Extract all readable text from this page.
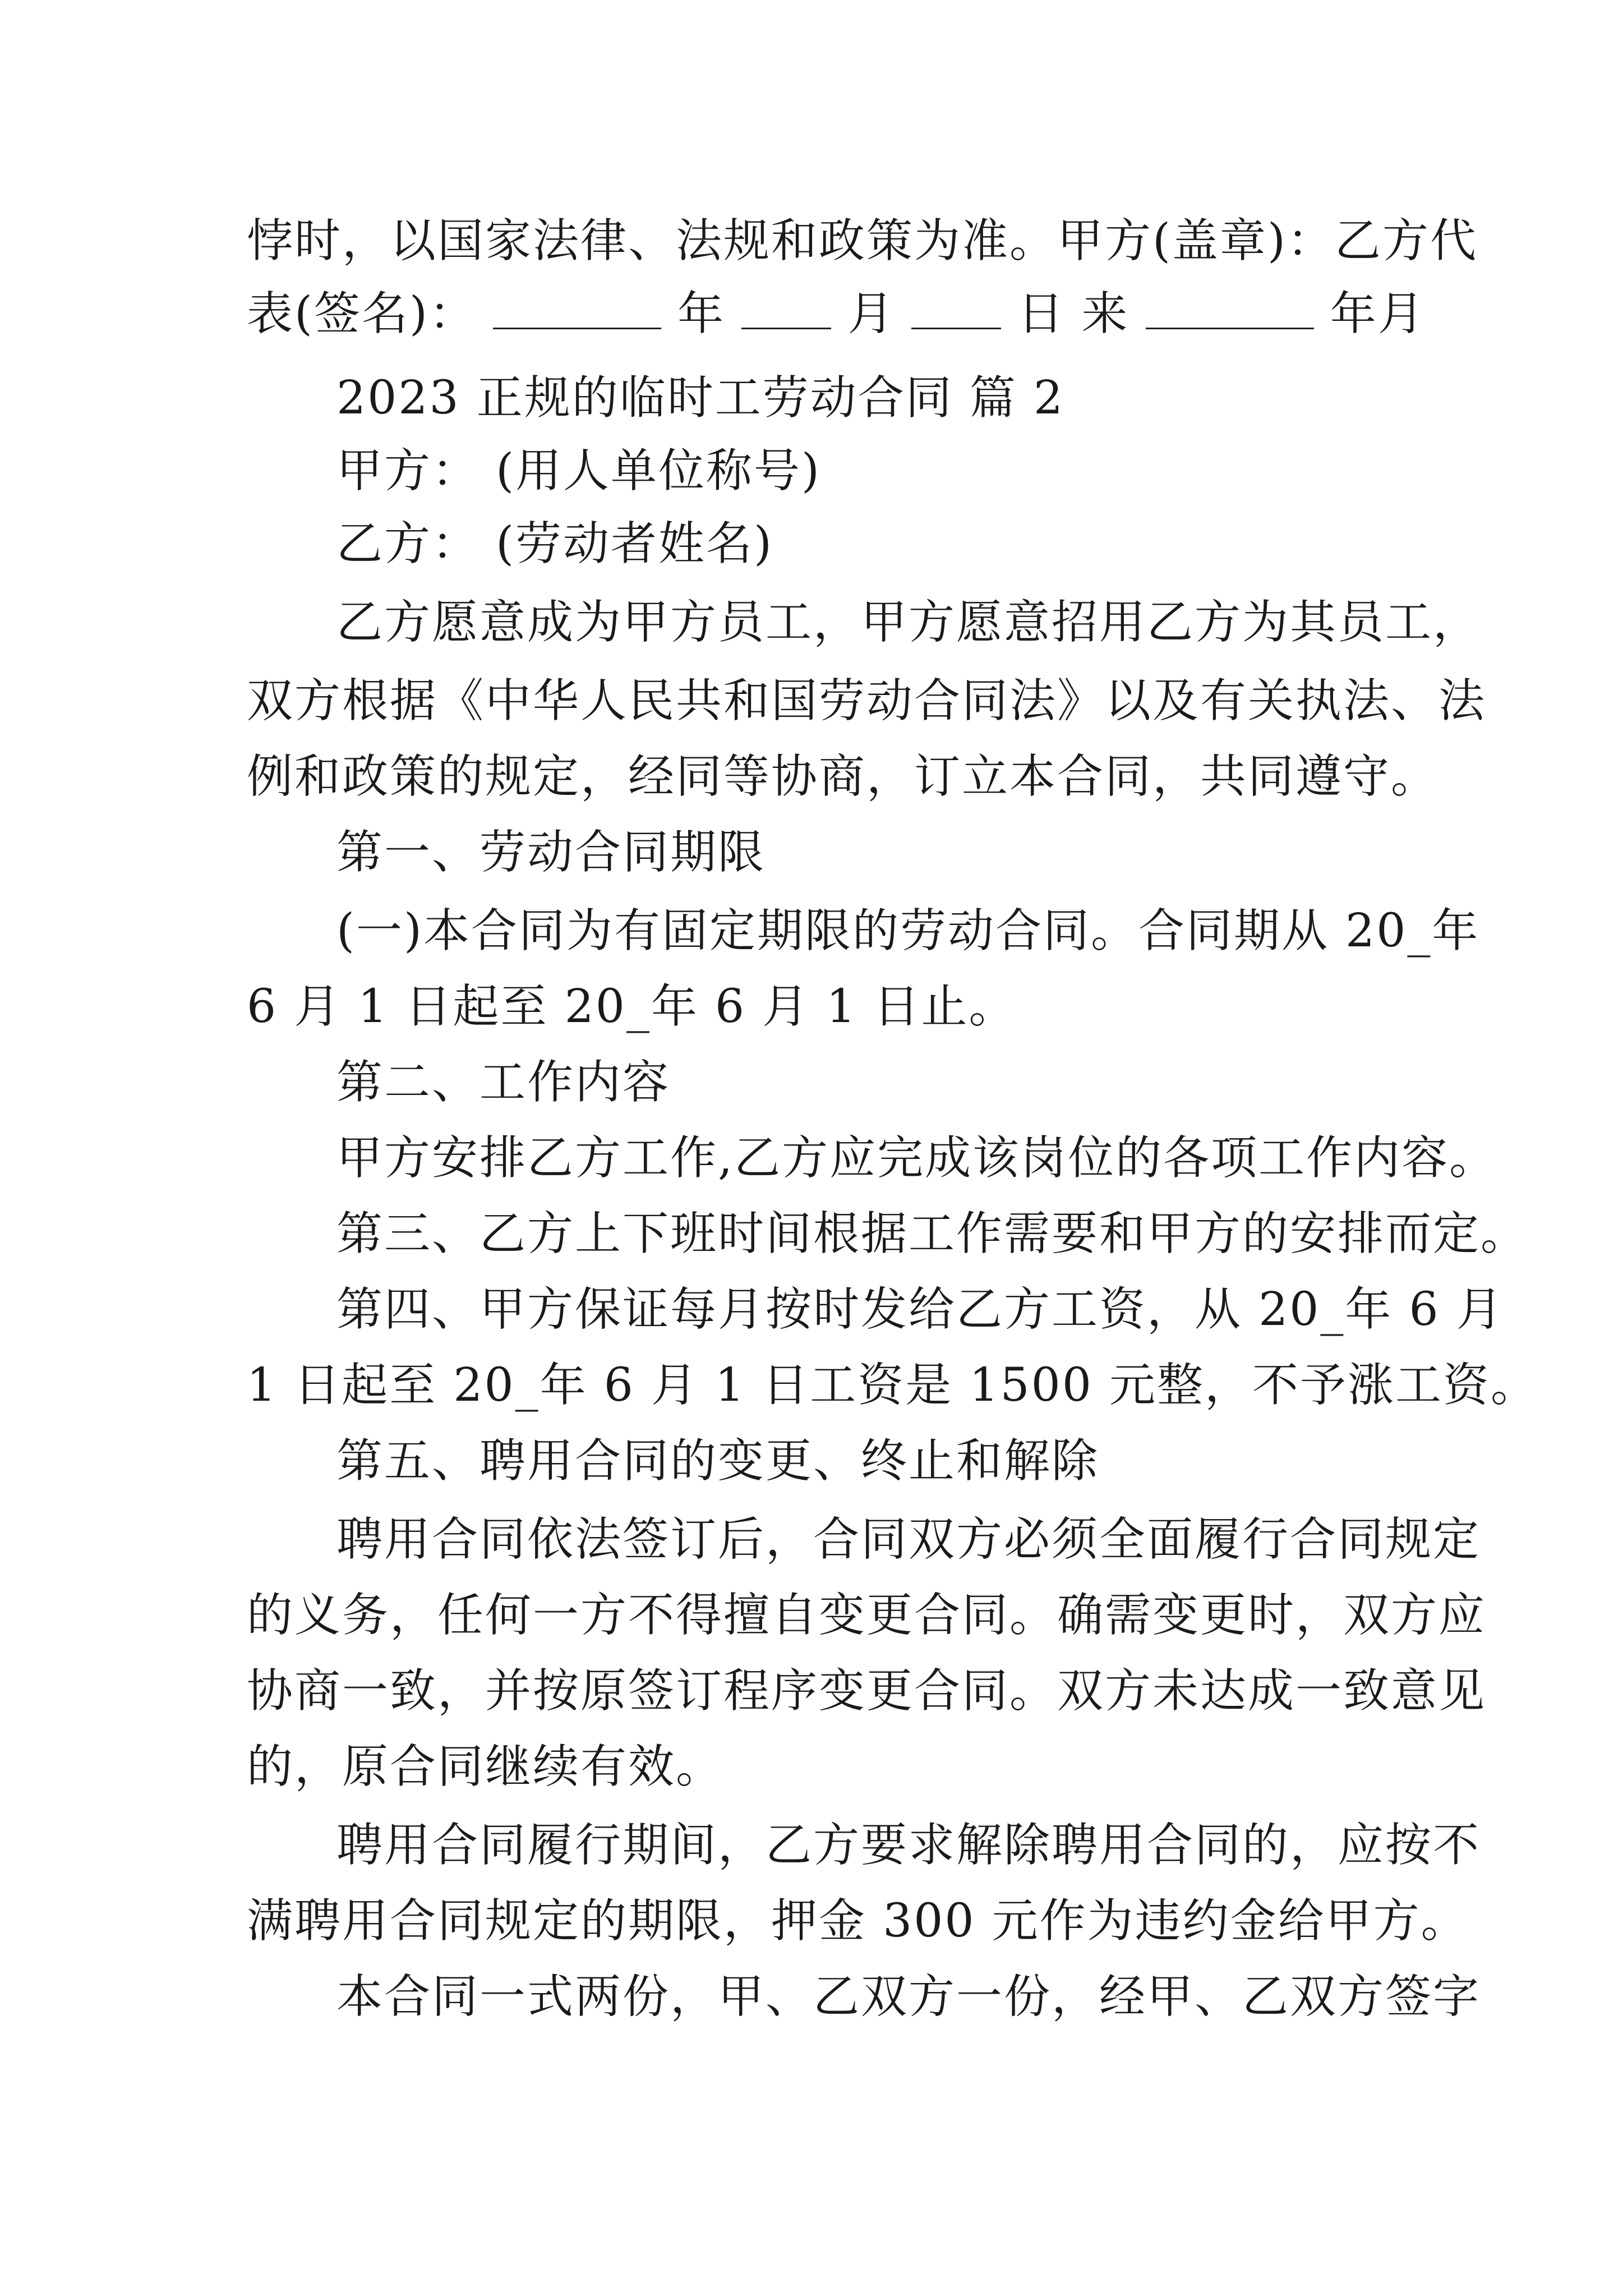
悖时，以国家法律、法规和政策为准。甲方(盖章)：乙方代
表(签名)：	年	月	日 来	年月
2023 正规的临时工劳动合同 篇 2
甲方： (用人单位称号)
乙方： (劳动者姓名)
乙方愿意成为甲方员工，甲方愿意招用乙方为其员工，
双方根据《中华人民共和国劳动合同法》以及有关执法、法
例和政策的规定，经同等协商，订立本合同，共同遵守。
第一、劳动合同期限
(一)本合同为有固定期限的劳动合同。合同期从 20_年
6 月 1 日起至 20_年 6 月 1 日止。
第二、工作内容
甲方安排乙方工作,乙方应完成该岗位的各项工作内容。
第三、乙方上下班时间根据工作需要和甲方的安排而定。
第四、甲方保证每月按时发给乙方工资，从 20_年 6 月
1 日起至 20_年 6 月 1 日工资是 1500 元整，不予涨工资。
第五、聘用合同的变更、终止和解除
聘用合同依法签订后，合同双方必须全面履行合同规定
的义务，任何一方不得擅自变更合同。确需变更时，双方应
协商一致，并按原签订程序变更合同。双方未达成一致意见
的，原合同继续有效。
聘用合同履行期间，乙方要求解除聘用合同的，应按不
满聘用合同规定的期限，押金 300 元作为违约金给甲方。
本合同一式两份，甲、乙双方一份，经甲、乙双方签字
